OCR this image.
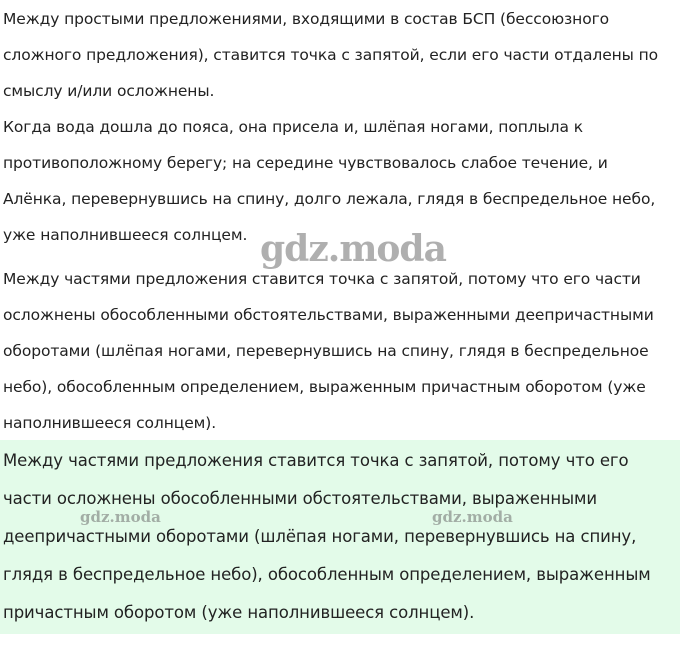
Между простыми предложениями, входящими в состав БСП (бессоюзного сложного предложения), ставится точка с запятой, если его части отдалены по смыслу и/или осложнены.

Когда вода дошла до пояса, она присела и, шлёпая ногами, поплыла к противоположному берегу; на середине чувствовалось слабое течение, и Алёнка, перевернувшись на спину, долго лежала, глядя в беспредельное небо, уже наполнившееся солнцем.

Между частями предложения ставится точка с запятой, потому что его части осложнены обособленными обстоятельствами, выраженными деепричастными оборотами (шлёпая ногами, перевернувшись на спину, глядя в беспредельное небо), обособленным определением, выраженным причастным оборотом (уже наполнившееся солнцем).

Между частями предложения ставится точка с запятой, потому что его части осложнены обособленными обстоятельствами, выраженными деепричастными оборотами (шлёпая ногами, перевернувшись на спину, глядя в беспредельное небо), обособленным определением, выраженным причастным оборотом (уже наполнившееся солнцем).

gdz.moda
gdz.moda	gdz.moda
